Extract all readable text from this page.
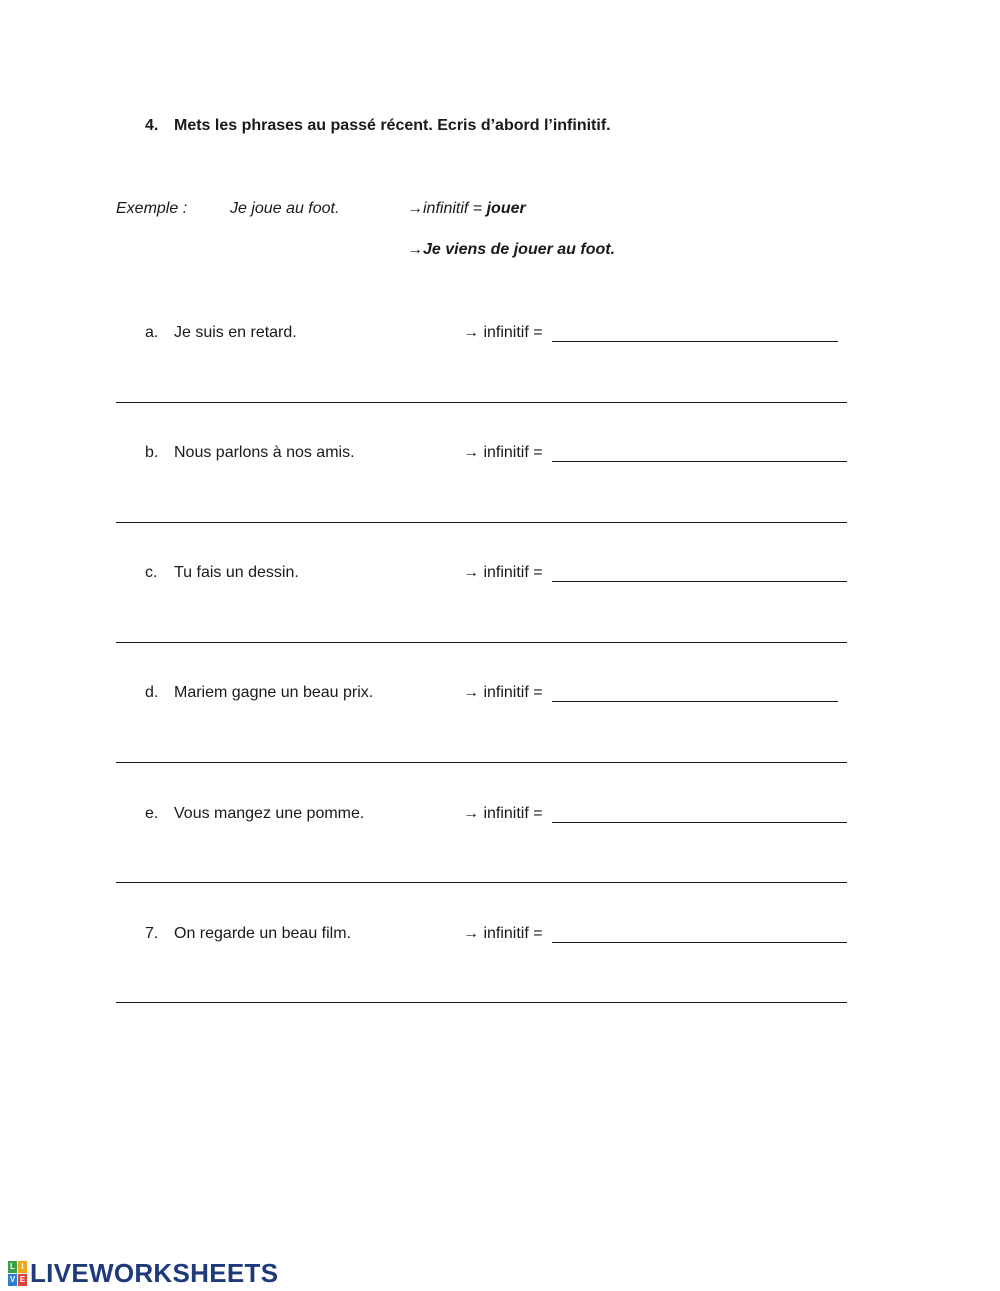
4. Mets les phrases au passé récent. Ecris d’abord l’infinitif.
Exemple :	Je joue au foot.	→infinitif = jouer
→Je viens de jouer au foot.
a. Je suis en retard.	→ infinitif =
b. Nous parlons à nos amis.	→ infinitif =
c. Tu fais un dessin.	→ infinitif =
d. Mariem gagne un beau prix.	→ infinitif =
e. Vous mangez une pomme.	→ infinitif =
7. On regarde un beau film.	→ infinitif =
L I
V E LIVEWORKSHEETS
